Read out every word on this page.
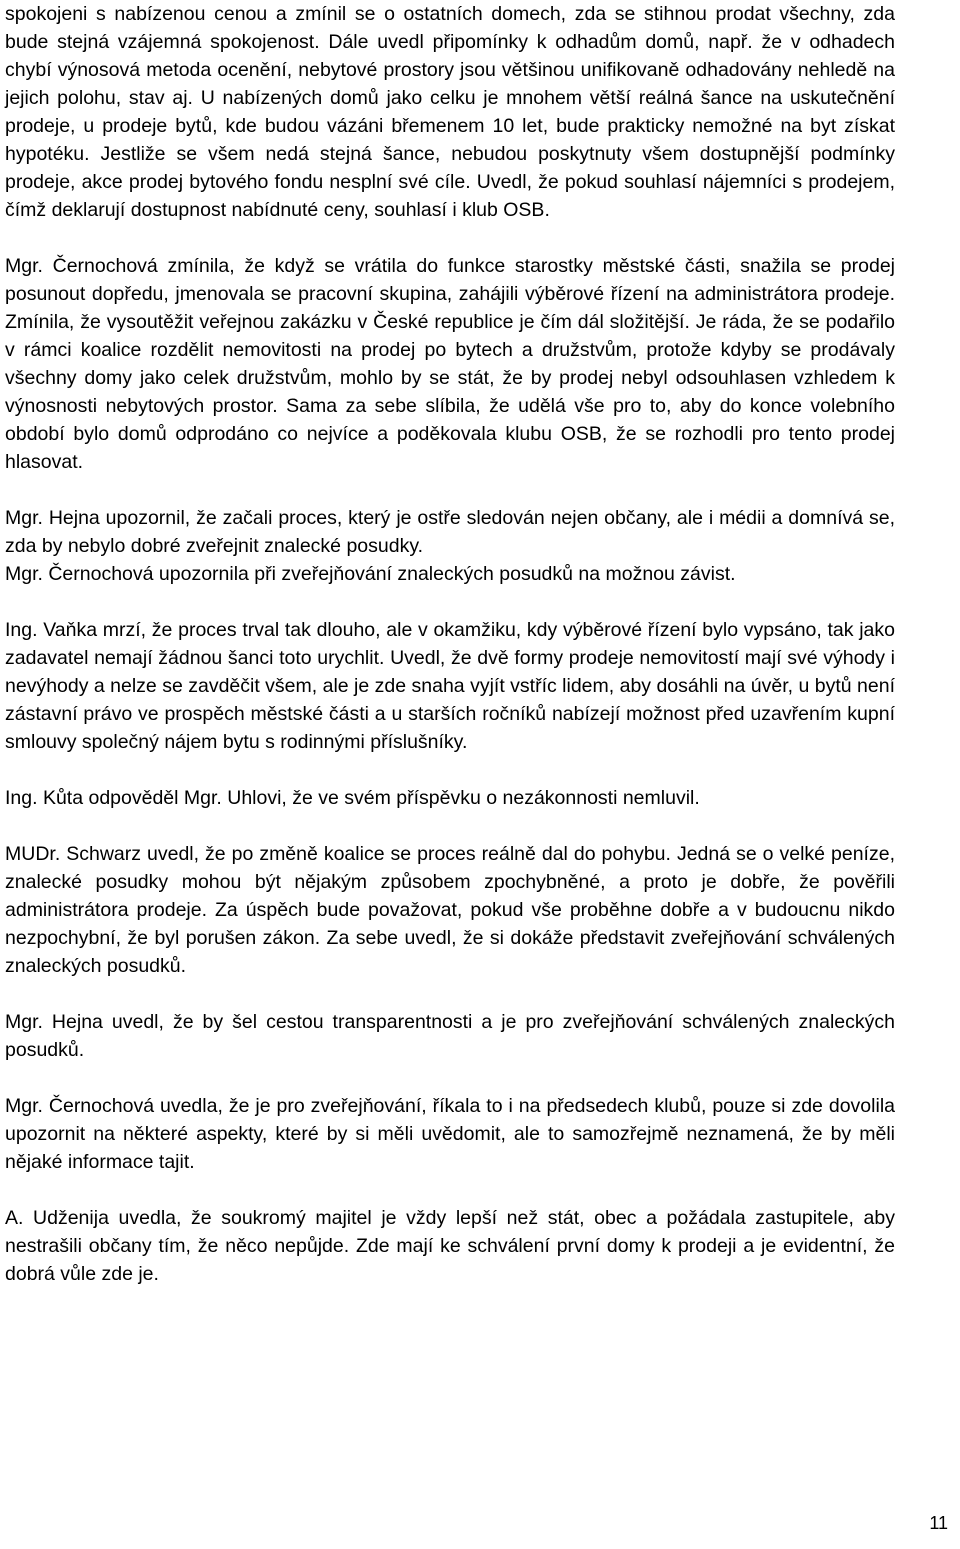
spokojeni s nabízenou cenou a zmínil se o ostatních domech, zda se stihnou prodat všechny, zda bude stejná vzájemná spokojenost. Dále uvedl připomínky k odhadům domů, např. že v odhadech chybí výnosová metoda ocenění, nebytové prostory jsou většinou unifikovaně odhadovány nehledě na jejich polohu, stav aj. U nabízených domů jako celku je mnohem větší reálná šance na uskutečnění prodeje, u prodeje bytů, kde budou vázáni břemenem 10 let, bude prakticky nemožné na byt získat hypotéku. Jestliže se všem nedá stejná šance, nebudou poskytnuty všem dostupnější podmínky prodeje, akce prodej bytového fondu nesplní své cíle. Uvedl, že pokud souhlasí nájemníci s prodejem, čímž deklarují dostupnost nabídnuté ceny, souhlasí i klub OSB.

Mgr. Černochová zmínila, že když se vrátila do funkce starostky městské části, snažila se prodej posunout dopředu, jmenovala se pracovní skupina, zahájili výběrové řízení na administrátora prodeje. Zmínila, že vysoutěžit veřejnou zakázku v České republice je čím dál složitější. Je ráda, že se podařilo v rámci koalice rozdělit nemovitosti na prodej po bytech a družstvům, protože kdyby se prodávaly všechny domy jako celek družstvům, mohlo by se stát, že by prodej nebyl odsouhlasen vzhledem k výnosnosti nebytových prostor. Sama za sebe slíbila, že udělá vše pro to, aby do konce volebního období bylo domů odprodáno co nejvíce a poděkovala klubu OSB, že se rozhodli pro tento prodej hlasovat.

Mgr. Hejna upozornil, že začali proces, který je ostře sledován nejen občany, ale i médii a domnívá se, zda by nebylo dobré zveřejnit znalecké posudky.

Mgr. Černochová upozornila při zveřejňování znaleckých posudků na možnou závist.

Ing. Vaňka mrzí, že proces trval tak dlouho, ale v okamžiku, kdy výběrové řízení bylo vypsáno, tak jako zadavatel nemají žádnou šanci toto urychlit. Uvedl, že dvě formy prodeje nemovitostí mají své výhody i nevýhody a nelze se zavděčit všem, ale je zde snaha vyjít vstříc lidem, aby dosáhli na úvěr, u bytů není zástavní právo ve prospěch městské části a u starších ročníků nabízejí možnost před uzavřením kupní smlouvy společný nájem bytu s rodinnými příslušníky.

Ing. Kůta odpověděl Mgr. Uhlovi, že ve svém příspěvku o nezákonnosti nemluvil.

MUDr. Schwarz uvedl, že po změně koalice se proces reálně dal do pohybu. Jedná se o velké peníze, znalecké posudky mohou být nějakým způsobem zpochybněné, a proto je dobře, že pověřili administrátora prodeje. Za úspěch bude považovat, pokud vše proběhne dobře a v budoucnu nikdo nezpochybní, že byl porušen zákon. Za sebe uvedl, že si dokáže představit zveřejňování schválených znaleckých posudků.

Mgr. Hejna uvedl, že by šel cestou transparentnosti a je pro zveřejňování schválených znaleckých posudků.

Mgr. Černochová uvedla, že je pro zveřejňování, říkala to i na předsedech klubů, pouze si zde dovolila upozornit na některé aspekty, které by si měli uvědomit, ale to samozřejmě neznamená, že by měli nějaké informace tajit.

A. Udženija uvedla, že soukromý majitel je vždy lepší než stát, obec a požádala zastupitele, aby nestrašili občany tím, že něco nepůjde. Zde mají ke schválení první domy k prodeji a je evidentní, že dobrá vůle zde je.

11
